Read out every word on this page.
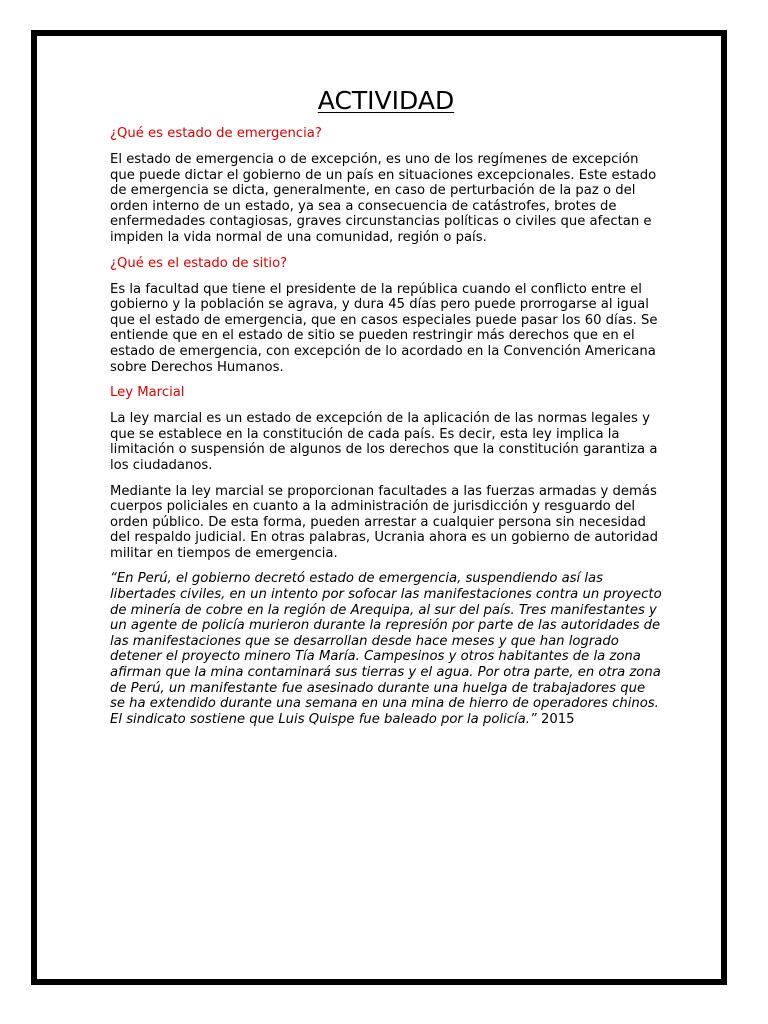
ACTIVIDAD
¿Qué es estado de emergencia?

El estado de emergencia o de excepción, es uno de los regímenes de excepción que puede dictar el gobierno de un país en situaciones excepcionales. Este estado de emergencia se dicta, generalmente, en caso de perturbación de la paz o del orden interno de un estado, ya sea a consecuencia de catástrofes, brotes de enfermedades contagiosas, graves circunstancias políticas o civiles que afectan e impiden la vida normal de una comunidad, región o país.

¿Qué es el estado de sitio?

Es la facultad que tiene el presidente de la república cuando el conflicto entre el gobierno y la población se agrava, y dura 45 días pero puede prorrogarse al igual que el estado de emergencia, que en casos especiales puede pasar los 60 días. Se entiende que en el estado de sitio se pueden restringir más derechos que en el estado de emergencia, con excepción de lo acordado en la Convención Americana sobre Derechos Humanos.

Ley Marcial

La ley marcial es un estado de excepción de la aplicación de las normas legales y que se establece en la constitución de cada país. Es decir, esta ley implica la limitación o suspensión de algunos de los derechos que la constitución garantiza a los ciudadanos.

Mediante la ley marcial se proporcionan facultades a las fuerzas armadas y demás cuerpos policiales en cuanto a la administración de jurisdicción y resguardo del orden público. De esta forma, pueden arrestar a cualquier persona sin necesidad del respaldo judicial. En otras palabras, Ucrania ahora es un gobierno de autoridad militar en tiempos de emergencia.

“En Perú, el gobierno decretó estado de emergencia, suspendiendo así las libertades civiles, en un intento por sofocar las manifestaciones contra un proyecto de minería de cobre en la región de Arequipa, al sur del país. Tres manifestantes y un agente de policía murieron durante la represión por parte de las autoridades de las manifestaciones que se desarrollan desde hace meses y que han logrado detener el proyecto minero Tía María. Campesinos y otros habitantes de la zona afirman que la mina contaminará sus tierras y el agua. Por otra parte, en otra zona de Perú, un manifestante fue asesinado durante una huelga de trabajadores que se ha extendido durante una semana en una mina de hierro de operadores chinos. El sindicato sostiene que Luis Quispe fue baleado por la policía.” 2015
